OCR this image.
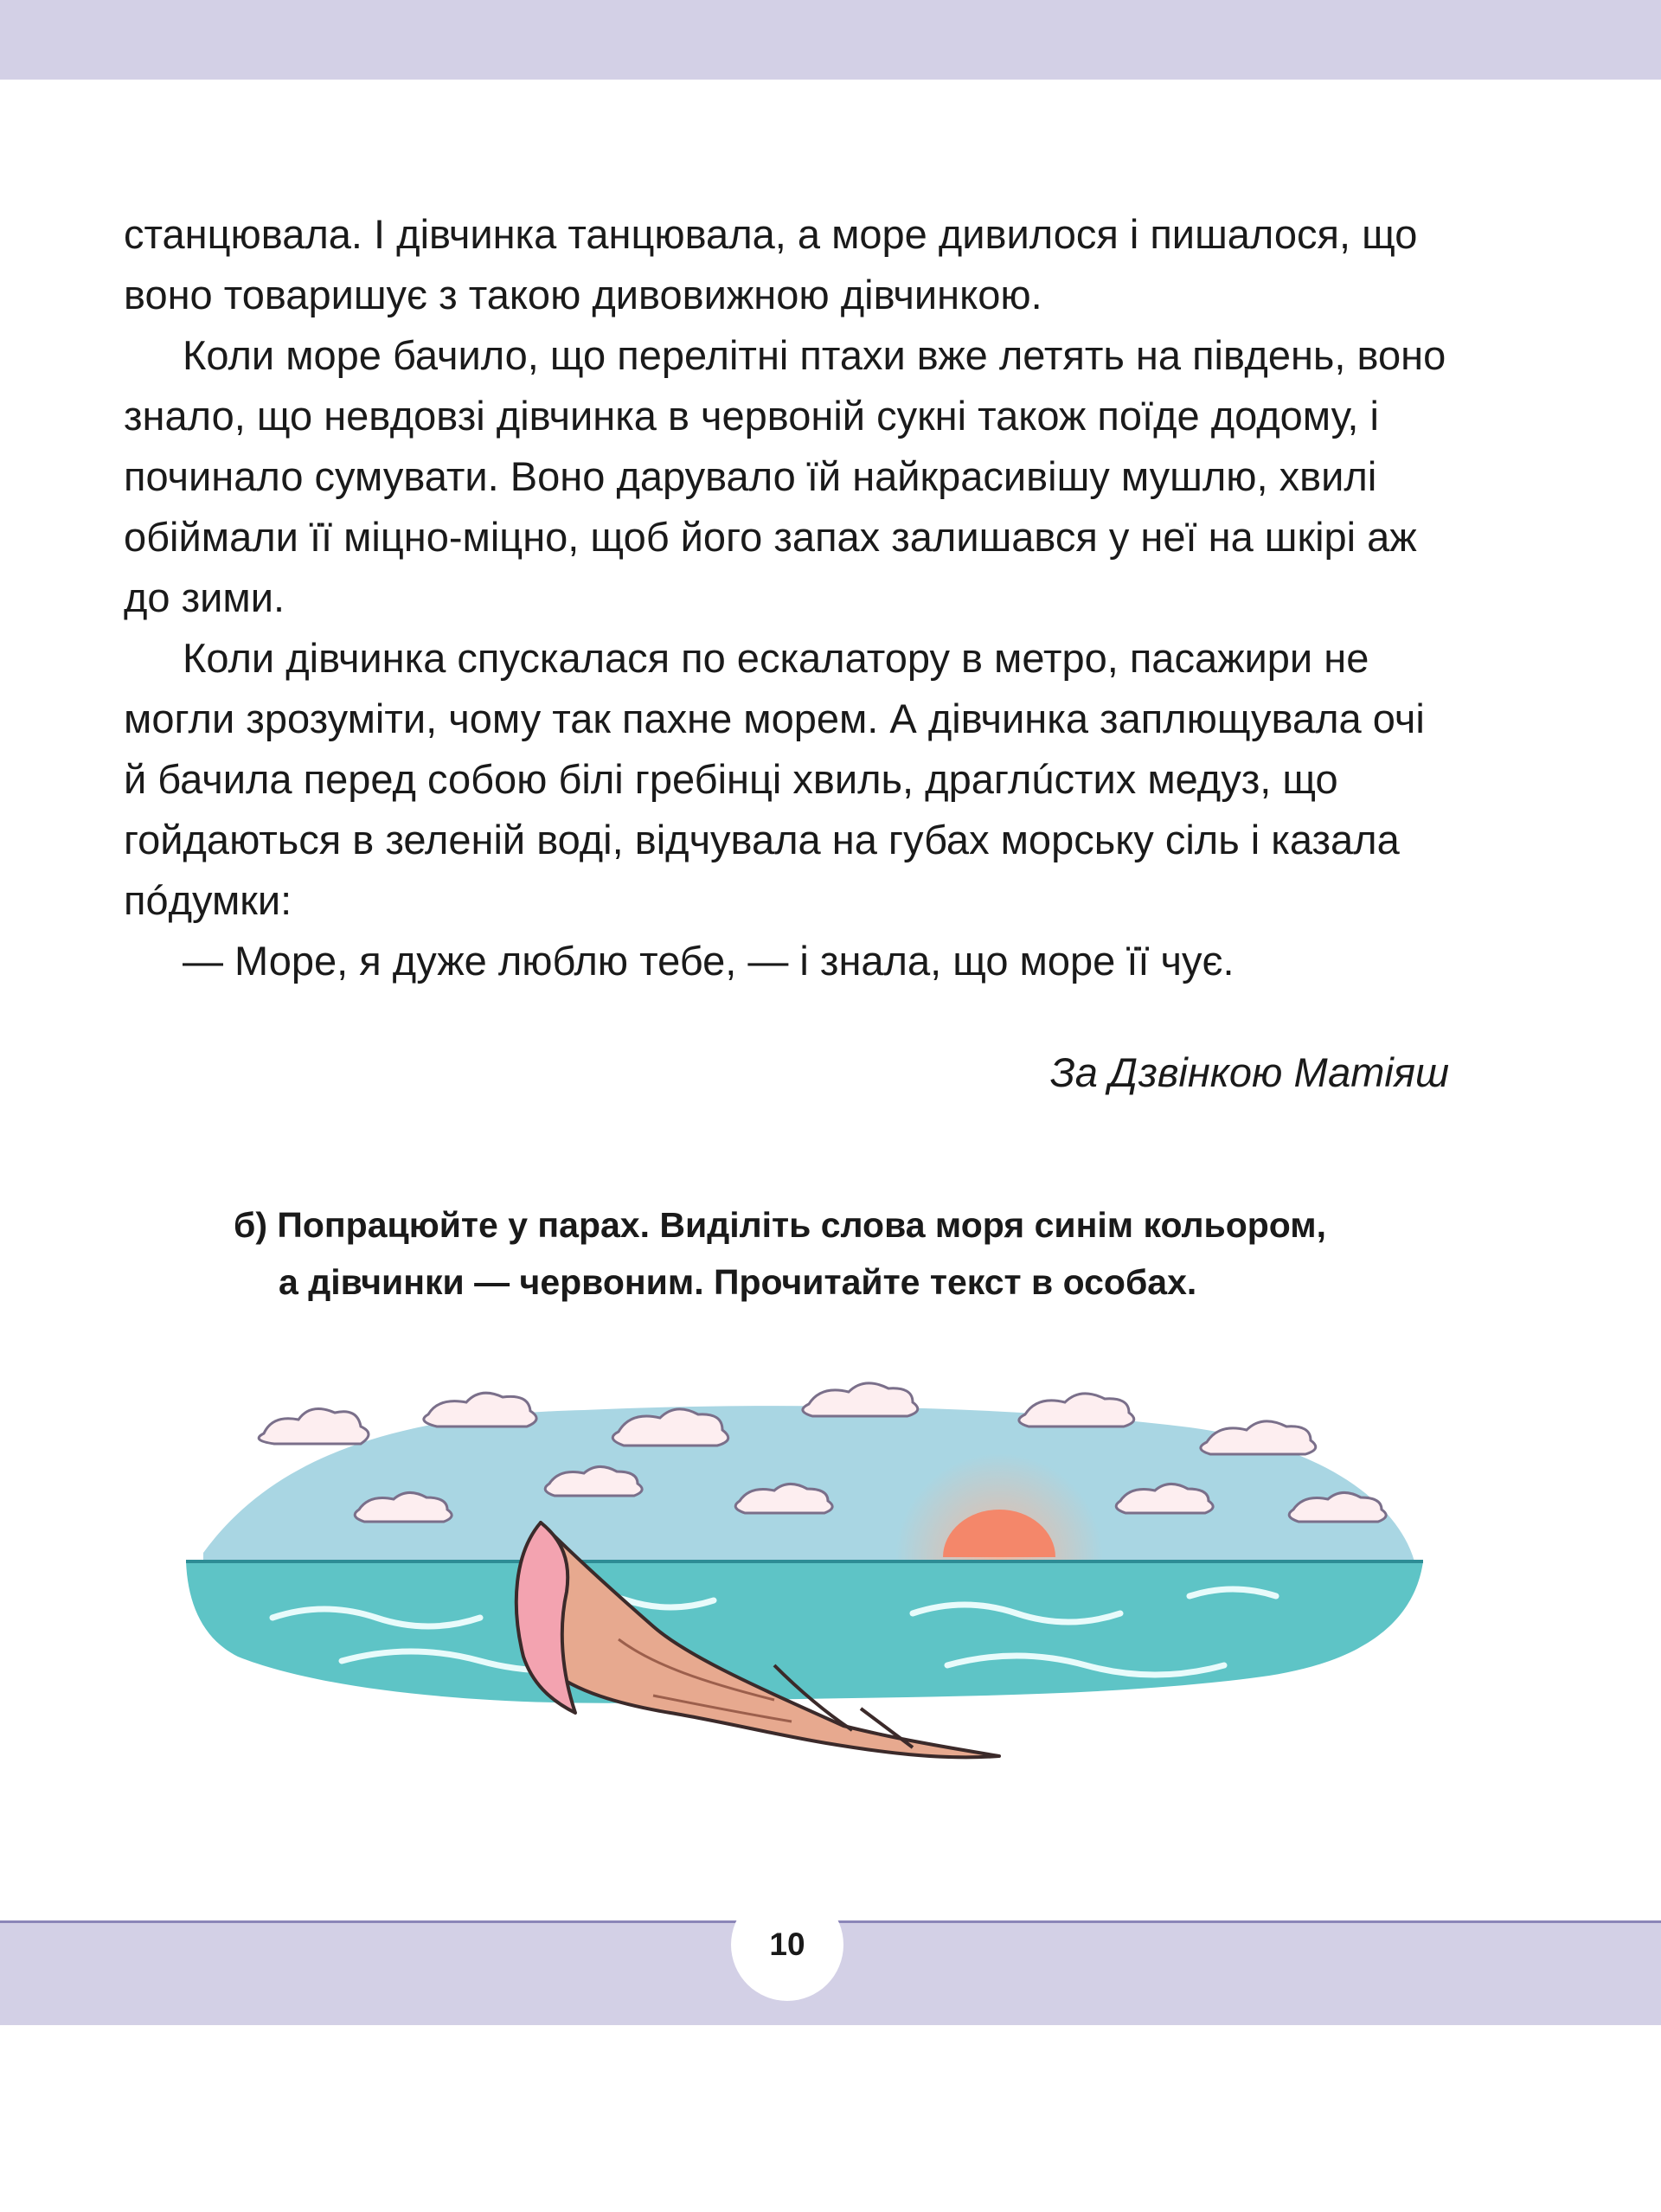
станцювала. І дівчинка танцювала, а море дивилося і пишалося, що воно товаришує з такою дивовижною дівчинкою.

Коли море бачило, що перелітні птахи вже летять на південь, воно знало, що невдовзі дівчинка в червоній сукні також поїде додому, і починало сумувати. Воно дарувало їй найкрасивішу мушлю, хвилі обіймали її міцно-міцно, щоб його запах залишався у неї на шкірі аж до зими.

Коли дівчинка спускалася по ескалатору в метро, пасажири не могли зрозуміти, чому так пахне морем. А дівчинка заплющувала очі й бачила перед собою білі гребінці хвиль, драглúстих медуз, що гойдаються в зеленій воді, відчувала на губах морську сіль і казала пóдумки:

— Море, я дуже люблю тебе, — і знала, що море її чує.

За Дзвінкою Матіяш
б) Попрацюйте у парах. Виділіть слова моря синім кольором,
а дівчинки — червоним. Прочитайте текст в особах.
10
